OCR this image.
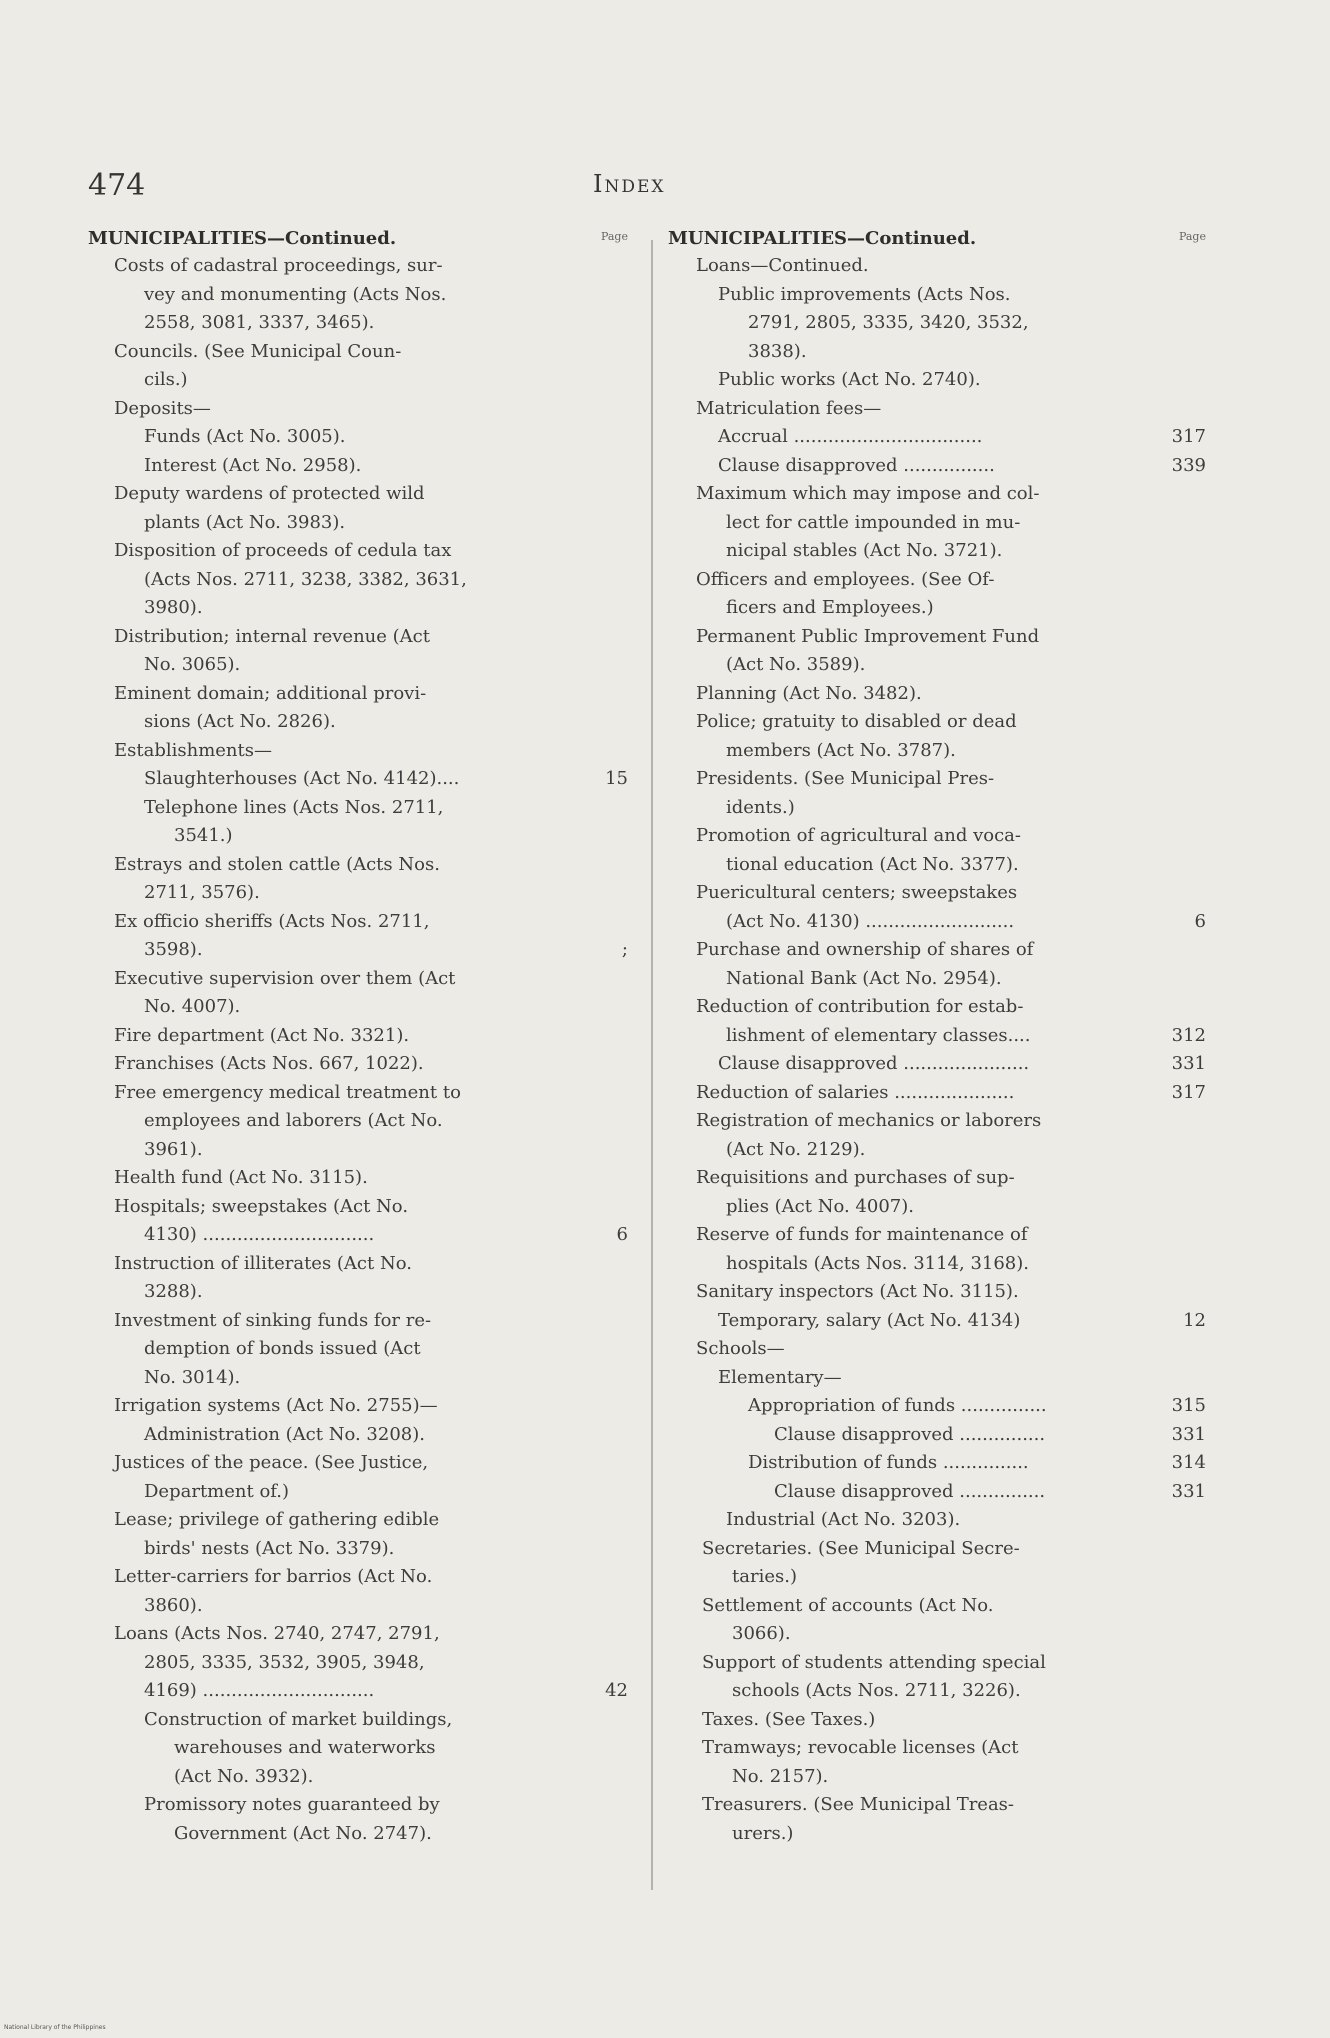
474	Index
MUNICIPALITIES—Continued.	Page
Costs of cadastral proceedings, sur-
vey and monumenting (Acts Nos.
2558, 3081, 3337, 3465).
Councils. (See Municipal Coun-
cils.)
Deposits—
Funds (Act No. 3005).
Interest (Act No. 2958).
Deputy wardens of protected wild
plants (Act No. 3983).
Disposition of proceeds of cedula tax
(Acts Nos. 2711, 3238, 3382, 3631,
3980).
Distribution; internal revenue (Act
No. 3065).
Eminent domain; additional provi-
sions (Act No. 2826).
Establishments—
Slaughterhouses (Act No. 4142)....	15
Telephone lines (Acts Nos. 2711,
3541.)
Estrays and stolen cattle (Acts Nos.
2711, 3576).
Ex officio sheriffs (Acts Nos. 2711,
3598).	;
Executive supervision over them (Act
No. 4007).
Fire department (Act No. 3321).
Franchises (Acts Nos. 667, 1022).
Free emergency medical treatment to
employees and laborers (Act No.
3961).
Health fund (Act No. 3115).
Hospitals; sweepstakes (Act No.
4130) ..............................	6
Instruction of illiterates (Act No.
3288).
Investment of sinking funds for re-
demption of bonds issued (Act
No. 3014).
Irrigation systems (Act No. 2755)—
Administration (Act No. 3208).
Justices of the peace. (See Justice,
Department of.)
Lease; privilege of gathering edible
birds' nests (Act No. 3379).
Letter-carriers for barrios (Act No.
3860).
Loans (Acts Nos. 2740, 2747, 2791,
2805, 3335, 3532, 3905, 3948,
4169) ..............................	42
Construction of market buildings,
warehouses and waterworks
(Act No. 3932).
Promissory notes guaranteed by
Government (Act No. 2747).
MUNICIPALITIES—Continued.	Page
Loans—Continued.
Public improvements (Acts Nos.
2791, 2805, 3335, 3420, 3532,
3838).
Public works (Act No. 2740).
Matriculation fees—
Accrual .................................	317
Clause disapproved ................	339
Maximum which may impose and col-
lect for cattle impounded in mu-
nicipal stables (Act No. 3721).
Officers and employees. (See Of-
ficers and Employees.)
Permanent Public Improvement Fund
(Act No. 3589).
Planning (Act No. 3482).
Police; gratuity to disabled or dead
members (Act No. 3787).
Presidents. (See Municipal Pres-
idents.)
Promotion of agricultural and voca-
tional education (Act No. 3377).
Puericultural centers; sweepstakes
(Act No. 4130) ..........................	6
Purchase and ownership of shares of
National Bank (Act No. 2954).
Reduction of contribution for estab-
lishment of elementary classes....	312
Clause disapproved ......................	331
Reduction of salaries .....................	317
Registration of mechanics or laborers
(Act No. 2129).
Requisitions and purchases of sup-
plies (Act No. 4007).
Reserve of funds for maintenance of
hospitals (Acts Nos. 3114, 3168).
Sanitary inspectors (Act No. 3115).
Temporary, salary (Act No. 4134)	12
Schools—
Elementary—
Appropriation of funds ...............	315
Clause disapproved ...............	331
Distribution of funds ...............	314
Clause disapproved ...............	331
Industrial (Act No. 3203).
Secretaries. (See Municipal Secre-
taries.)
Settlement of accounts (Act No.
3066).
Support of students attending special
schools (Acts Nos. 2711, 3226).
Taxes. (See Taxes.)
Tramways; revocable licenses (Act
No. 2157).
Treasurers. (See Municipal Treas-
urers.)
National Library of the Philippines
